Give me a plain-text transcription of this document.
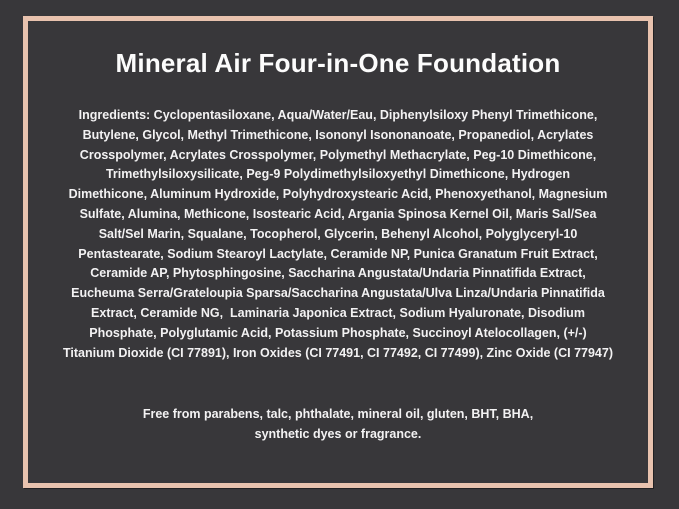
Mineral Air Four-in-One Foundation
Ingredients: Cyclopentasiloxane, Aqua/Water/Eau, Diphenylsiloxy Phenyl Trimethicone,
Butylene, Glycol, Methyl Trimethicone, Isononyl Isononanoate, Propanediol, Acrylates
Crosspolymer, Acrylates Crosspolymer, Polymethyl Methacrylate, Peg-10 Dimethicone,
Trimethylsiloxysilicate, Peg-9 Polydimethylsiloxyethyl Dimethicone, Hydrogen
Dimethicone, Aluminum Hydroxide, Polyhydroxystearic Acid, Phenoxyethanol, Magnesium
Sulfate, Alumina, Methicone, Isostearic Acid, Argania Spinosa Kernel Oil, Maris Sal/Sea
Salt/Sel Marin, Squalane, Tocopherol, Glycerin, Behenyl Alcohol, Polyglyceryl-10
Pentastearate, Sodium Stearoyl Lactylate, Ceramide NP, Punica Granatum Fruit Extract,
Ceramide AP, Phytosphingosine, Saccharina Angustata/Undaria Pinnatifida Extract,
Eucheuma Serra/Grateloupia Sparsa/Saccharina Angustata/Ulva Linza/Undaria Pinnatifida
Extract, Ceramide NG,  Laminaria Japonica Extract, Sodium Hyaluronate, Disodium
Phosphate, Polyglutamic Acid, Potassium Phosphate, Succinoyl Atelocollagen, (+/-)
Titanium Dioxide (CI 77891), Iron Oxides (CI 77491, CI 77492, CI 77499), Zinc Oxide (CI 77947)
Free from parabens, talc, phthalate, mineral oil, gluten, BHT, BHA,
synthetic dyes or fragrance.
